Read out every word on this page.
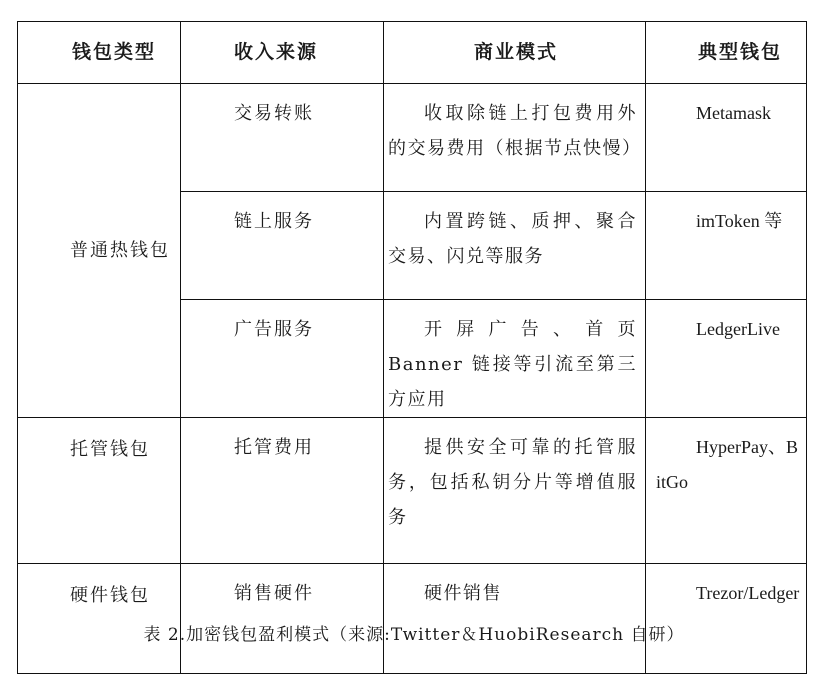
钱包类型	收入来源	商业模式	典型钱包
普通热钱包	交易转账	收取除链上打包费用外的交易费用（根据节点快慢）	Metamask

	链上服务	内置跨链、质押、聚合交易、闪兑等服务	imToken 等

	广告服务	开屏广告、首页 Banner 链接等引流至第三方应用	LedgerLive

托管钱包	托管费用	提供安全可靠的托管服务，包括私钥分片等增值服务	HyperPay、BitGo

硬件钱包	销售硬件	硬件销售	Trezor/Ledger
表 2.加密钱包盈利模式（来源:Twitter＆HuobiResearch 自研）
